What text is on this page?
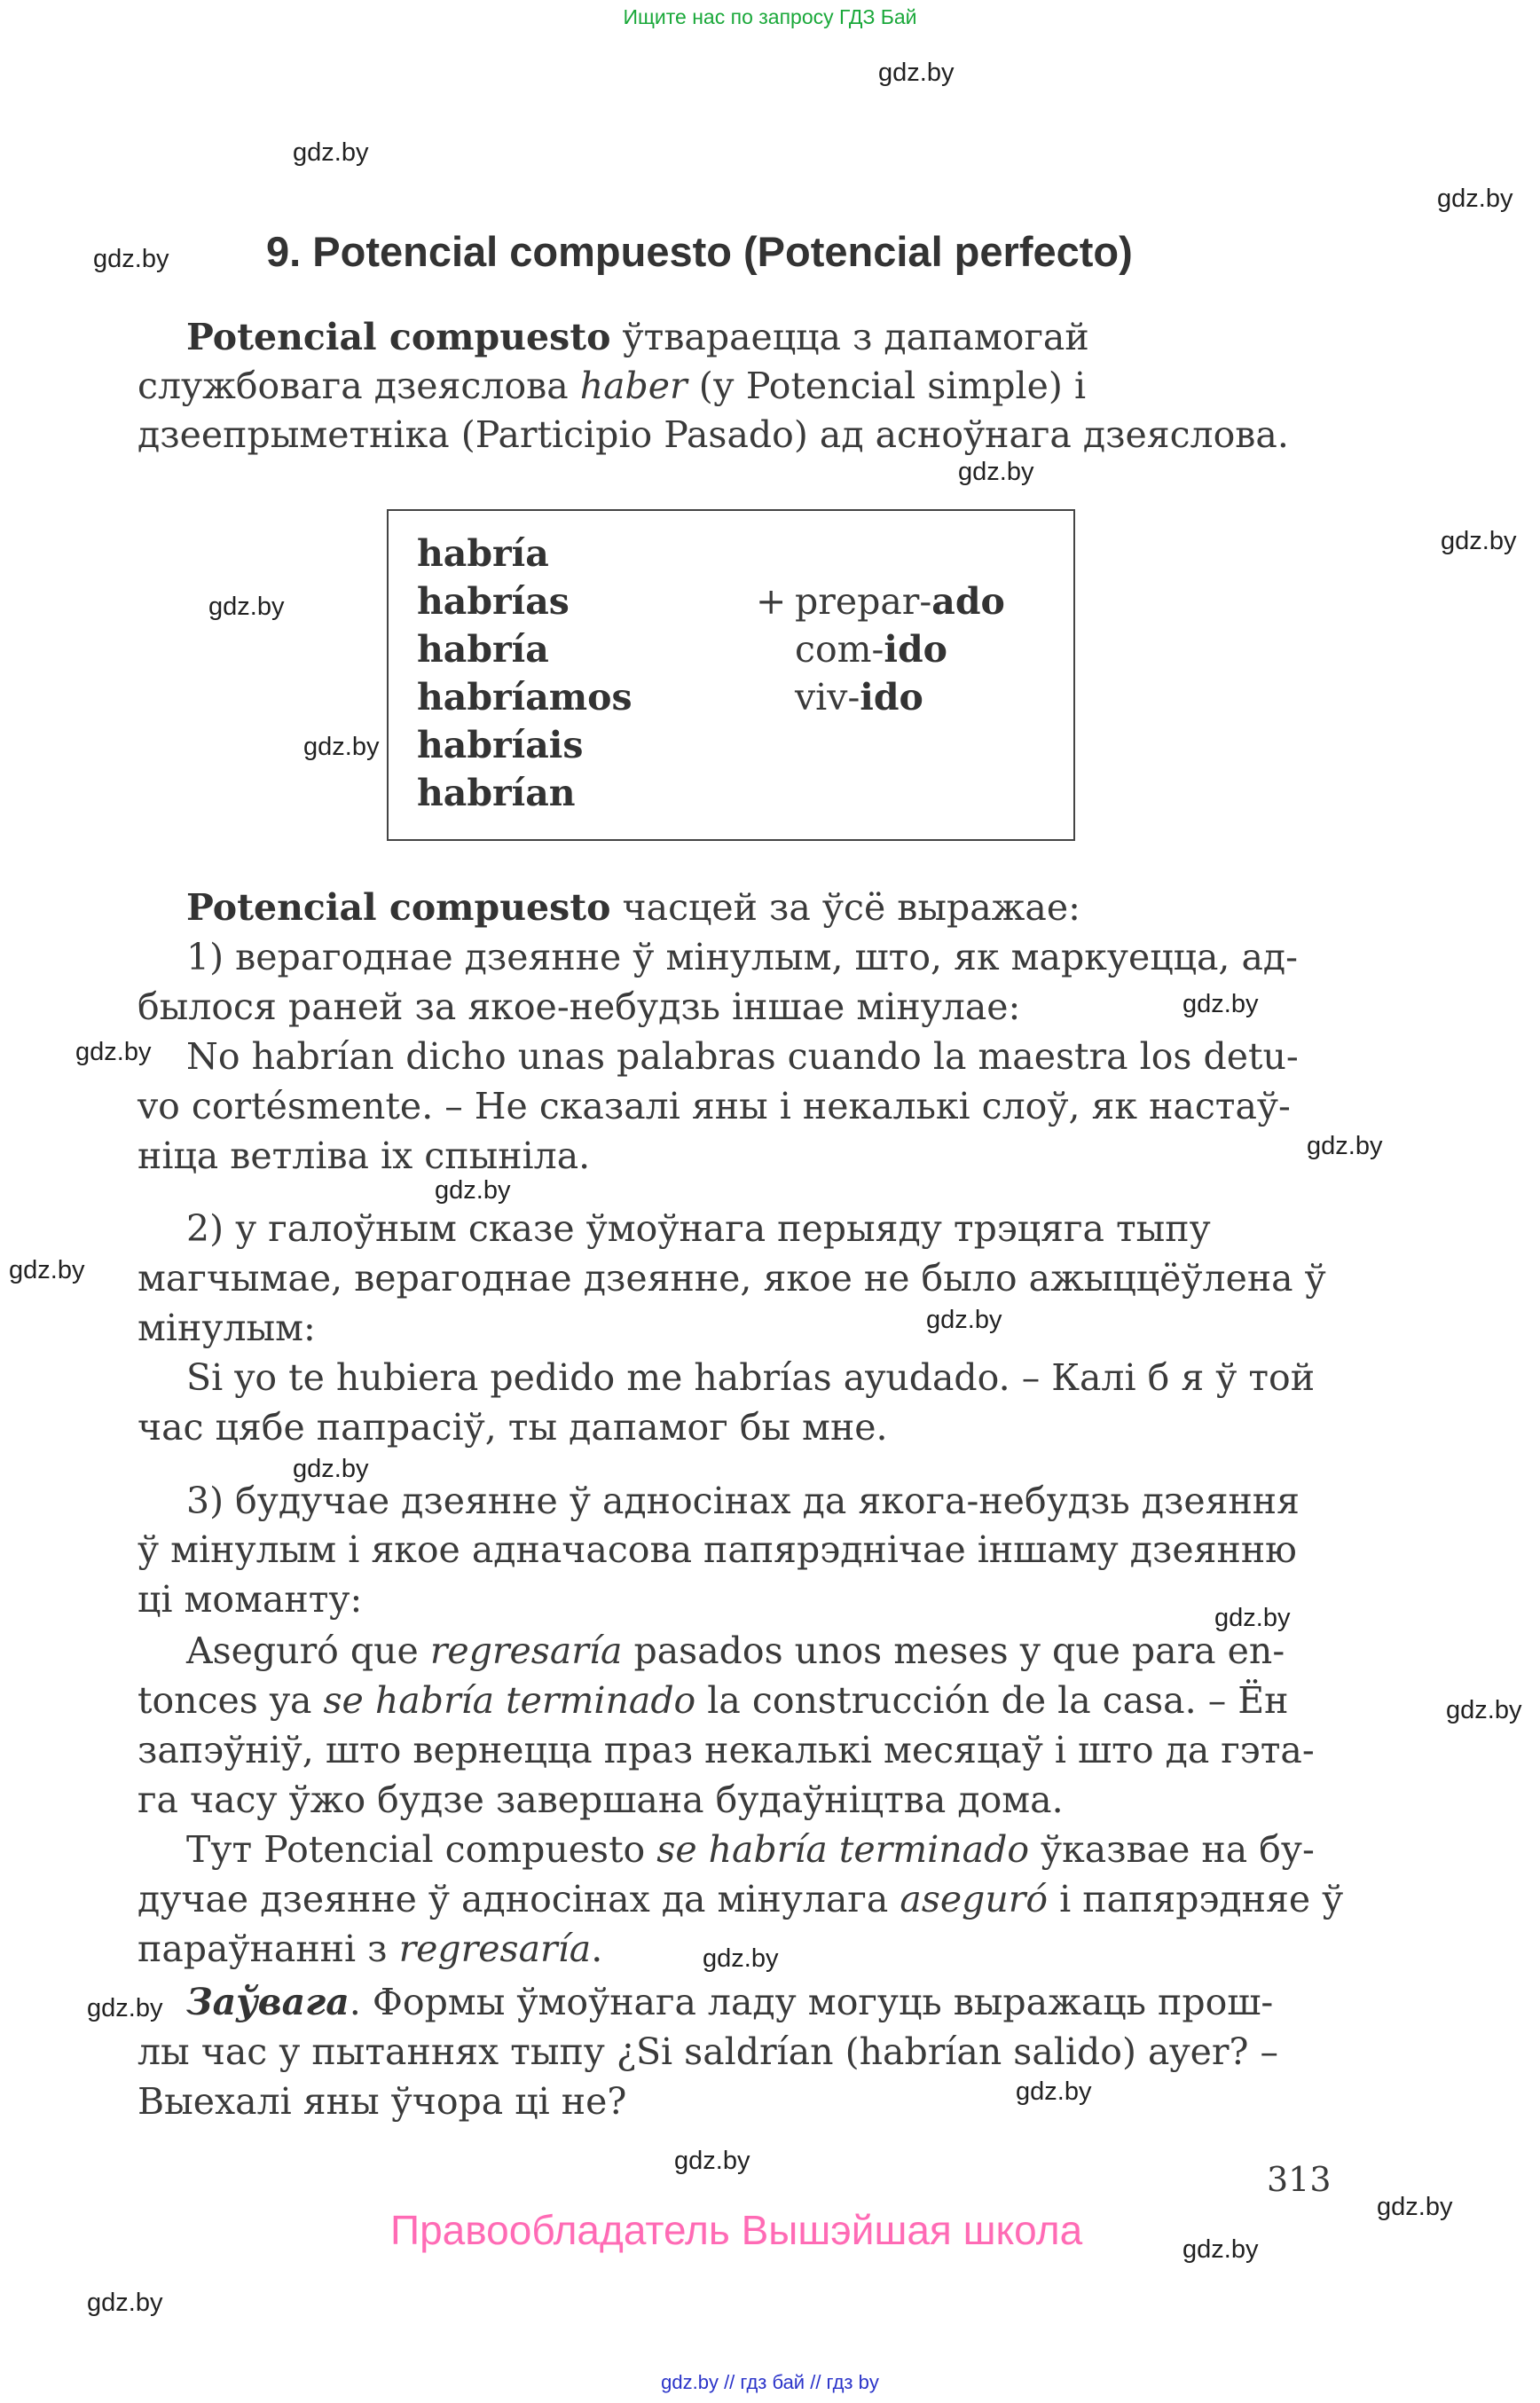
Ищите нас по запросу ГДЗ Бай
gdz.by
gdz.by
gdz.by
gdz.by
gdz.by
gdz.by
gdz.by
gdz.by
gdz.by
gdz.by
gdz.by
gdz.by
gdz.by
gdz.by
gdz.by
gdz.by
gdz.by
gdz.by
gdz.by
gdz.by
gdz.by
gdz.by
gdz.by
gdz.by
9. Potencial compuesto (Potencial perfecto)
Potencial compuesto ўтвараецца з дапамогай службовага дзеяслова haber (у Potencial simple) і дзеепрыметніка (Participio Pasado) ад асноўнага дзеяслова.
habría
habrías
habría
habríamos
habríais
habrían
+ prepar-ado
com-ido
viv-ido
Potencial compuesto часцей за ўсё выражае:
1) верагоднае дзеянне ў мінулым, што, як маркуецца, ад-
былося раней за якое-небудзь іншае мінулае:
No habrían dicho unas palabras cuando la maestra los detu-
vo cortésmente. – Не сказалі яны і некалькі слоў, як настаў-
ніца ветліва іх спыніла.
2) у галоўным сказе ўмоўнага перыяду трэцяга тыпу
магчымае, верагоднае дзеянне, якое не было ажыццёўлена ў
мінулым:
Si yo te hubiera pedido me habrías ayudado. – Калі б я ў той
час цябе папрасіў, ты дапамог бы мне.
3) будучае дзеянне ў адносінах да якога-небудзь дзеяння
ў мінулым і якое адначасова папярэднічае іншаму дзеянню
ці моманту:
Aseguró que regresaría pasados unos meses y que para en-
tonces ya se habría terminado la construcción de la casa. – Ён
запэўніў, што вернецца праз некалькі месяцаў і што да гэта-
га часу ўжо будзе завершана будаўніцтва дома.
Тут Potencial compuesto se habría terminado ўказвае на бу-
дучае дзеянне ў адносінах да мінулага aseguró і папярэдняе ў
параўнанні з regresaría.
Заўвага. Формы ўмоўнага ладу могуць выражаць прош-
лы час у пытаннях тыпу ¿Si saldrían (habrían salido) ayer? –
Выехалі яны ўчора ці не?
313
Правообладатель Вышэйшая школа
gdz.by // гдз бай // гдз by
